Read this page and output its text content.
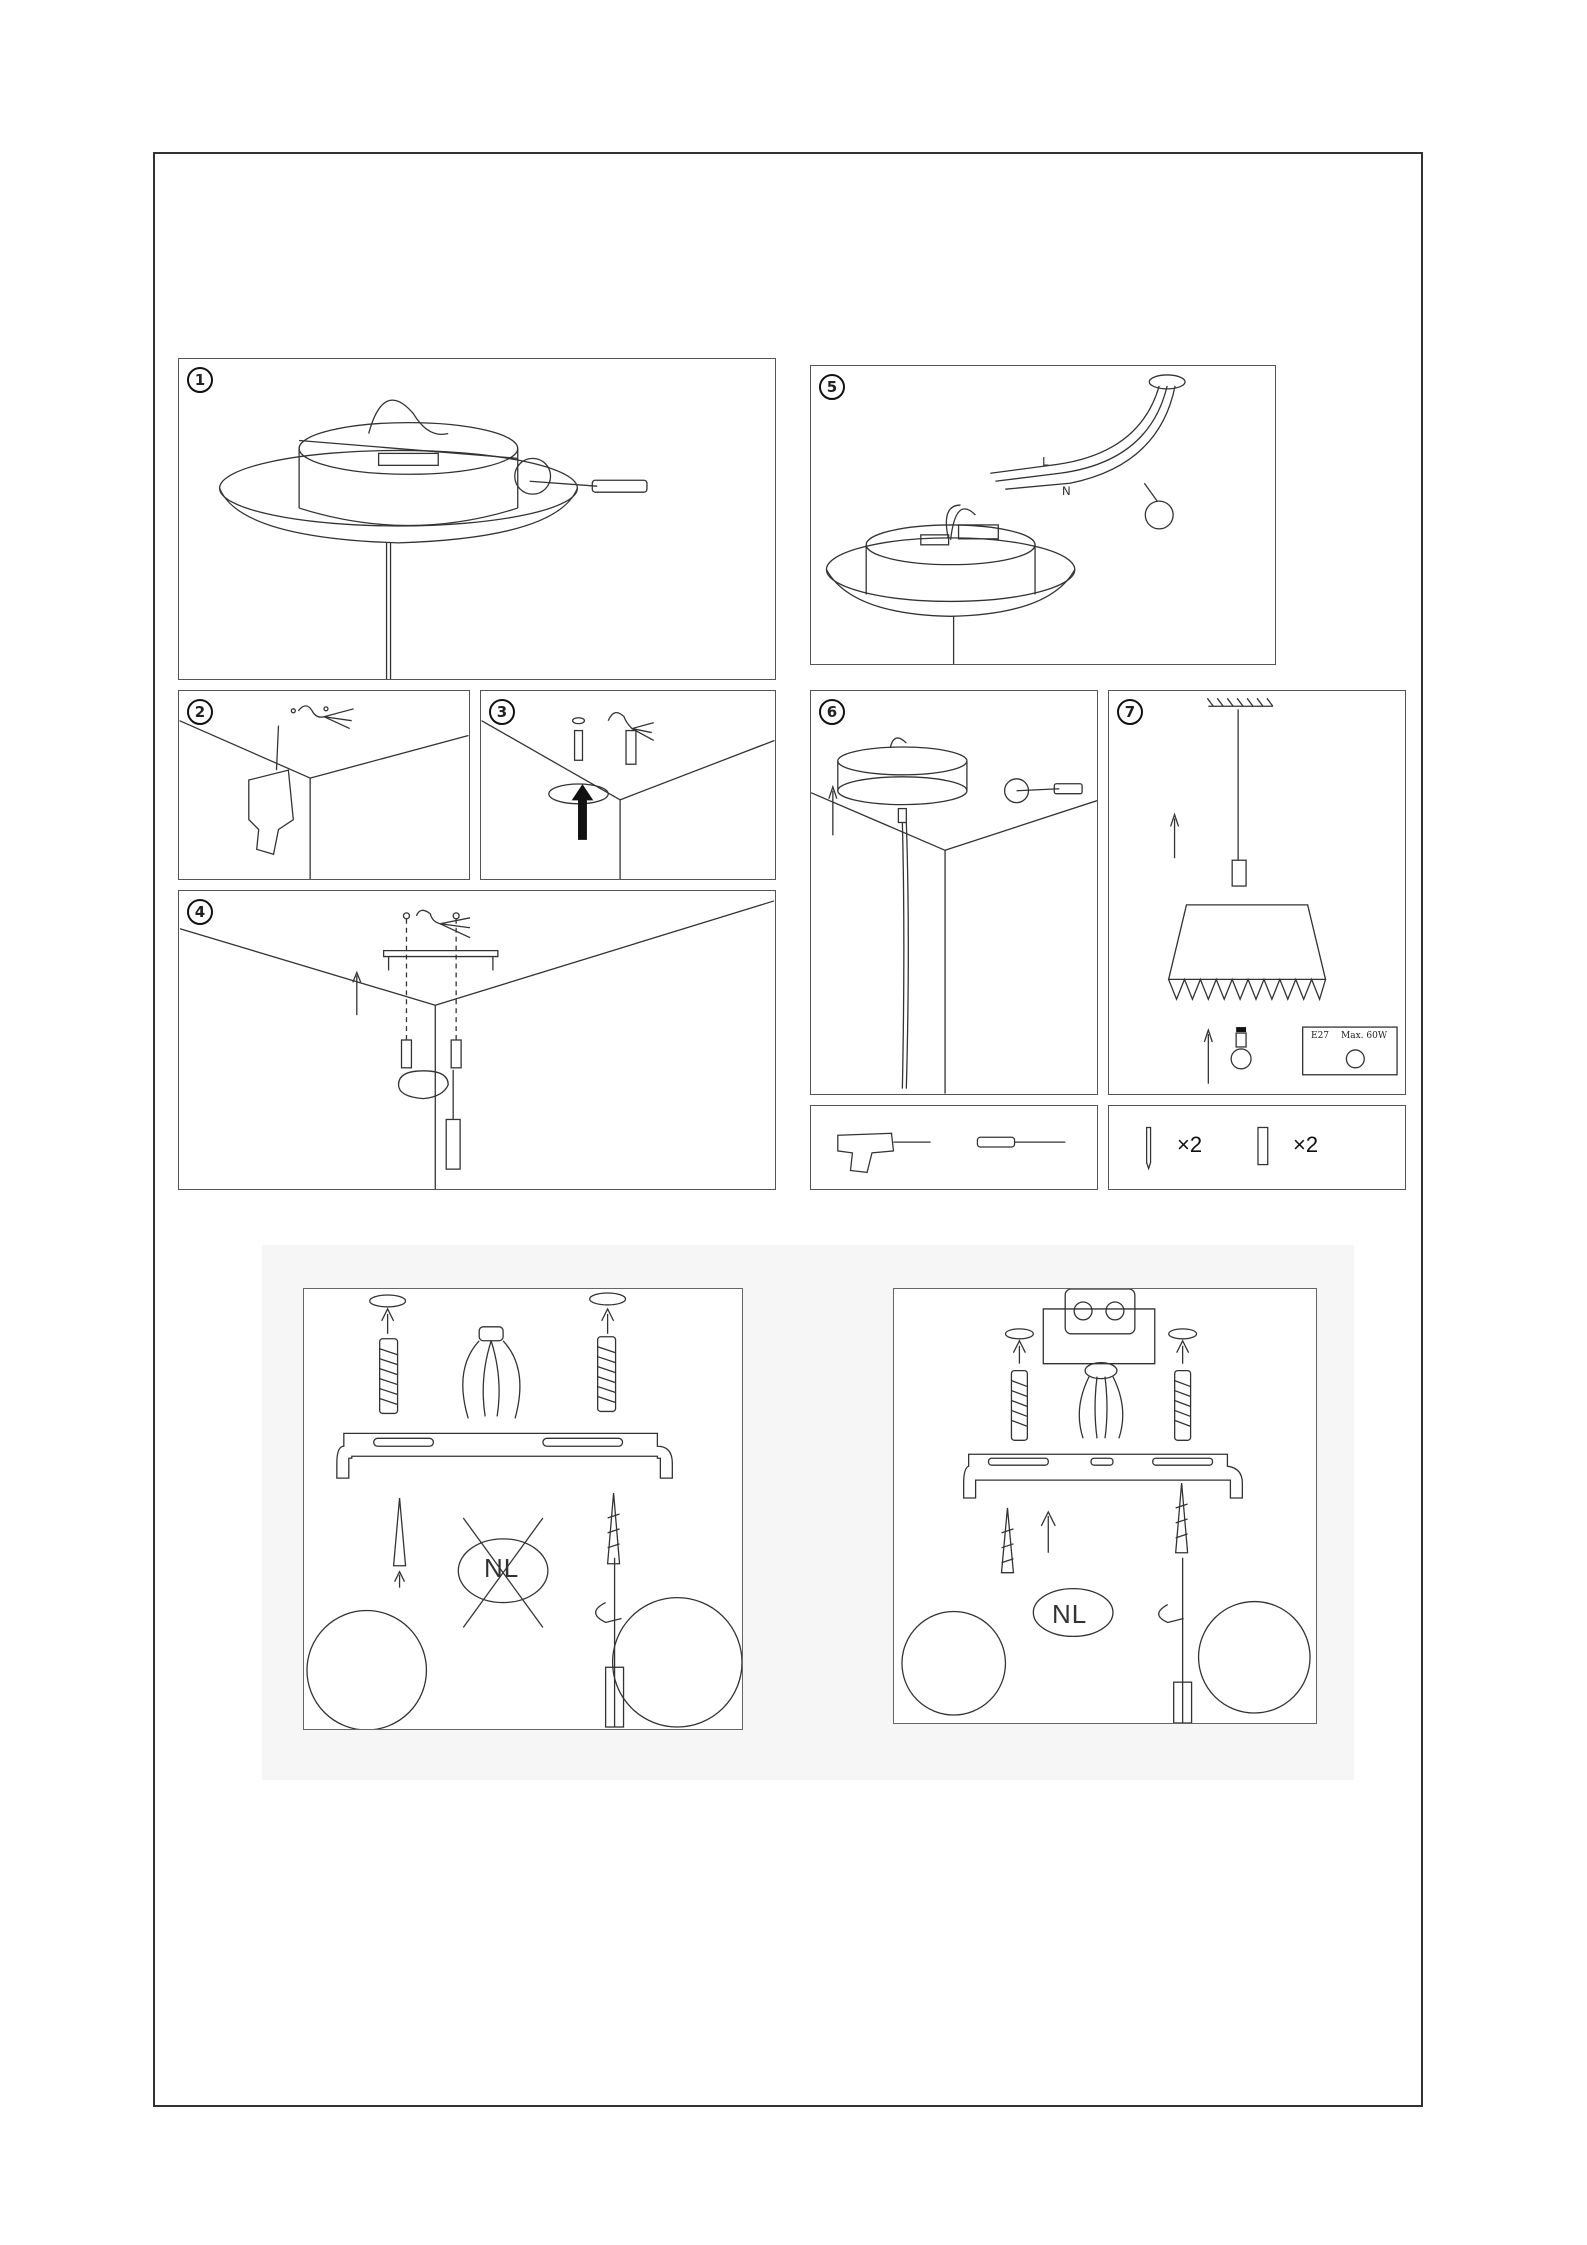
1
2	3
4
5
L
N
6	7
E27 Max. 60W
×2	×2
NL
NL
